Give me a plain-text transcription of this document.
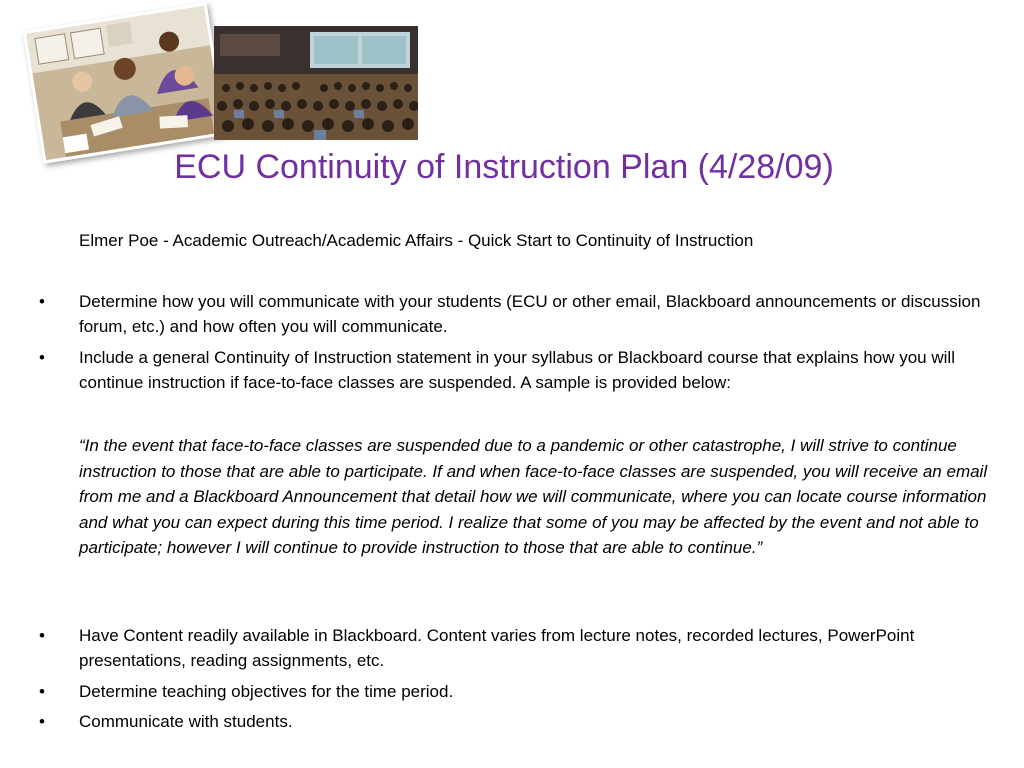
ECU Continuity of Instruction Plan (4/28/09)
Elmer Poe - Academic Outreach/Academic Affairs - Quick Start to Continuity of Instruction
• Determine how you will communicate with your students (ECU or other email, Blackboard announcements or discussion forum, etc.) and how often you will communicate.
• Include a general Continuity of Instruction statement in your syllabus or Blackboard course that explains how you will continue instruction if face-to-face classes are suspended. A sample is provided below:
“In the event that face-to-face classes are suspended due to a pandemic or other catastrophe, I will strive to continue instruction to those that are able to participate. If and when face-to-face classes are suspended, you will receive an email from me and a Blackboard Announcement that detail how we will communicate, where you can locate course information and what you can expect during this time period. I realize that some of you may be affected by the event and not able to participate; however I will continue to provide instruction to those that are able to continue.”
• Have Content readily available in Blackboard. Content varies from lecture notes, recorded lectures, PowerPoint presentations, reading assignments, etc.
• Determine teaching objectives for the time period.
• Communicate with students.
